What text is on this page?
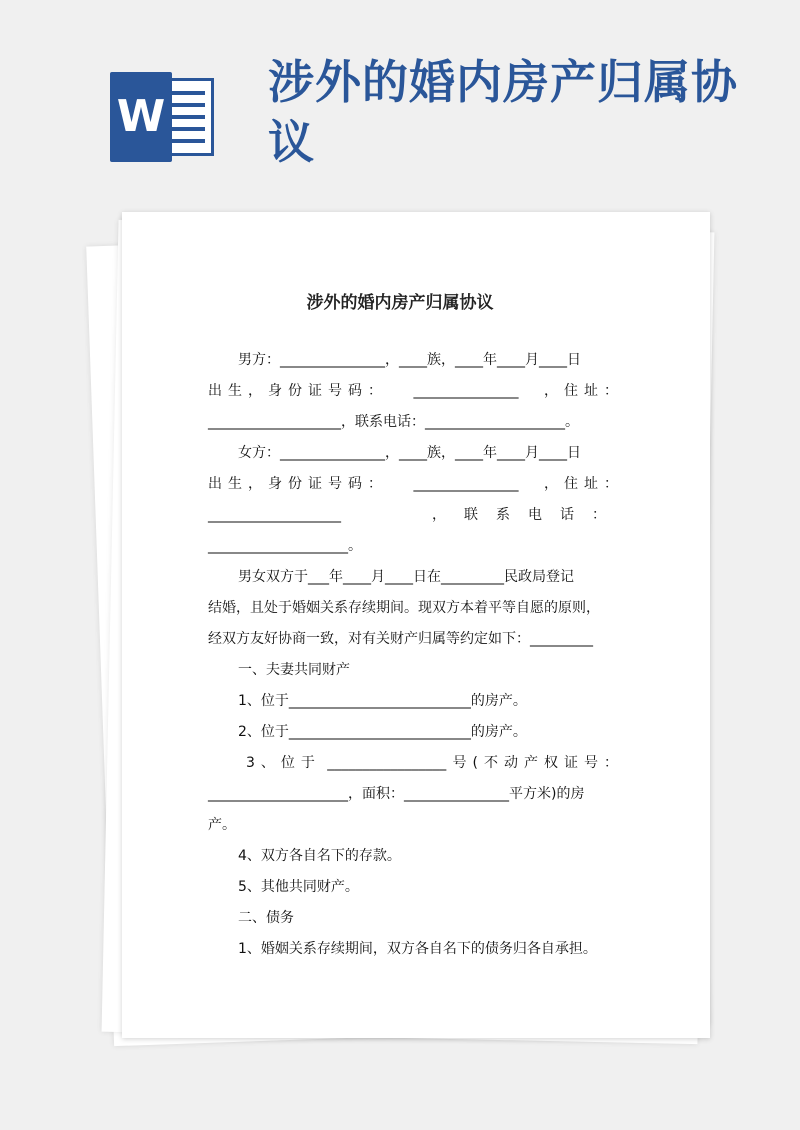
W
涉外的婚内房产归属协议
涉外的婚内房产归属协议
男方：_______________，____族，____年____月____日
出生，身份证号码： _______________ ，住址：
___________________，联系电话：____________________。
女方：_______________，____族，____年____月____日
出生，身份证号码： _______________ ，住址：
___________________	，联系电话：
____________________。
男女双方于___年____月____日在_________民政局登记
结婚，且处于婚姻关系存续期间。现双方本着平等自愿的原则，
经双方友好协商一致，对有关财产归属等约定如下：_________
一、夫妻共同财产
1、位于__________________________的房产。
2、位于__________________________的房产。
3、位于 _________________ 号(不动产权证号：
____________________，面积：_______________平方米)的房
产。
4、双方各自名下的存款。
5、其他共同财产。
二、债务
1、婚姻关系存续期间，双方各自名下的债务归各自承担。
